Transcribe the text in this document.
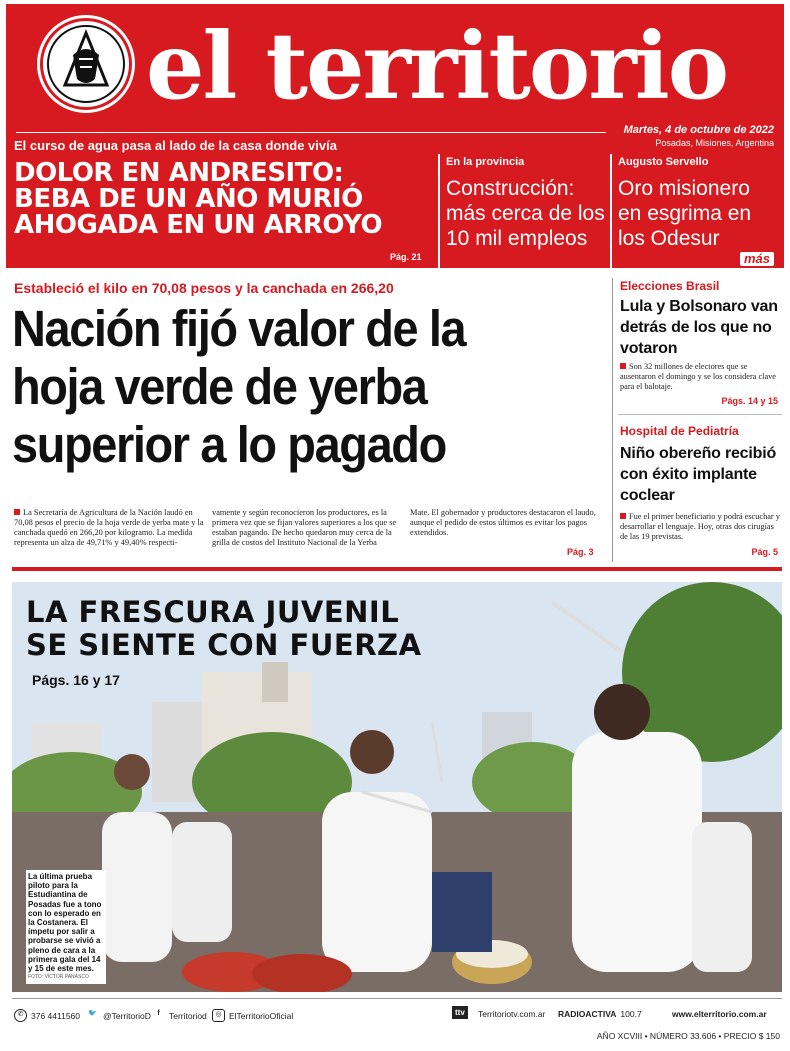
el territorio
Martes, 4 de octubre de 2022
Posadas, Misiones, Argentina
El curso de agua pasa al lado de la casa donde vivía
DOLOR EN ANDRESITO: BEBA DE UN AÑO MURIÓ AHOGADA EN UN ARROYO
Pág. 21
En la provincia
Construcción: más cerca de los 10 mil empleos
Augusto Servello
Oro misionero en esgrima en los Odesur
más
Estableció el kilo en 70,08 pesos y la canchada en 266,20
Nación fijó valor de la hoja verde de yerba superior a lo pagado
La Secretaría de Agricultura de la Nación laudó en 70,08 pesos el precio de la hoja verde de yerba mate y la canchada quedó en 266,20 por kilogramo. La medida representa un alza de 49,71% y 49,40% respecti-
vamente y según reconocieron los productores, es la primera vez que se fijan valores superiores a los que se estaban pagando. De hecho quedaron muy cerca de la grilla de costos del Instituto Nacional de la Yerba
Mate. El gobernador y productores destacaron el laudo, aunque el pedido de estos últimos es evitar los pagos extendidos.
Pág. 3
Elecciones Brasil
Lula y Bolsonaro van detrás de los que no votaron
Son 32 millones de electores que se ausentaron el domingo y se los considera clave para el balotaje.
Págs. 14 y 15
Hospital de Pediatría
Niño obereño recibió con éxito implante coclear
Fue el primer beneficiario y podrá escuchar y desarrollar el lenguaje. Hoy, otras dos cirugías de las 19 previstas.
Pág. 5
LA FRESCURA JUVENIL
SE SIENTE CON FUERZA
Págs. 16 y 17
La última prueba piloto para la Estudiantina de Posadas fue a tono con lo esperado en la Costanera. El ímpetu por salir a probarse se vivió a pleno de cara a la primera gala del 14 y 15 de este mes.
FOTO: VÍCTOR PANASCO
✆ 376 4411560	🐦 @TerritorioD f	Territoriod	◎ ElTerritorioOficial	ttv	Territoriotv.com.ar RADIOACTIVA 100.7	www.elterritorio.com.ar
AÑO XCVIII • NÚMERO 33.606 • PRECIO $ 150
